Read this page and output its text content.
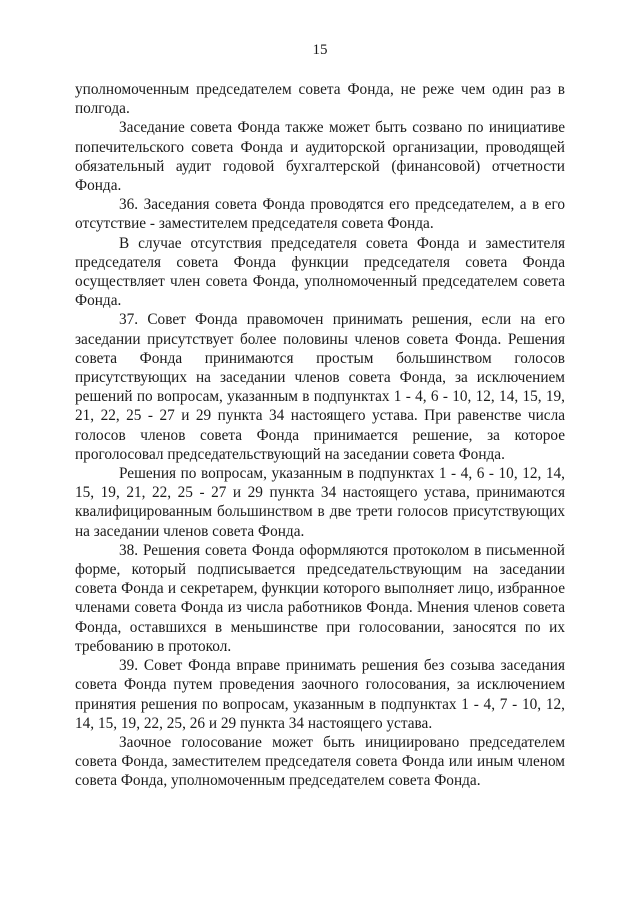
15

уполномоченным председателем совета Фонда, не реже чем один раз в полгода.

Заседание совета Фонда также может быть созвано по инициативе попечительского совета Фонда и аудиторской организации, проводящей обязательный аудит годовой бухгалтерской (финансовой) отчетности Фонда.

36. Заседания совета Фонда проводятся его председателем, а в его отсутствие - заместителем председателя совета Фонда.

В случае отсутствия председателя совета Фонда и заместителя председателя совета Фонда функции председателя совета Фонда осуществляет член совета Фонда, уполномоченный председателем совета Фонда.

37. Совет Фонда правомочен принимать решения, если на его заседании присутствует более половины членов совета Фонда. Решения совета Фонда принимаются простым большинством голосов присутствующих на заседании членов совета Фонда, за исключением решений по вопросам, указанным в подпунктах 1 - 4, 6 - 10, 12, 14, 15, 19, 21, 22, 25 - 27 и 29 пункта 34 настоящего устава. При равенстве числа голосов членов совета Фонда принимается решение, за которое проголосовал председательствующий на заседании совета Фонда.

Решения по вопросам, указанным в подпунктах 1 - 4, 6 - 10, 12, 14, 15, 19, 21, 22, 25 - 27 и 29 пункта 34 настоящего устава, принимаются квалифицированным большинством в две трети голосов присутствующих на заседании членов совета Фонда.

38. Решения совета Фонда оформляются протоколом в письменной форме, который подписывается председательствующим на заседании совета Фонда и секретарем, функции которого выполняет лицо, избранное членами совета Фонда из числа работников Фонда. Мнения членов совета Фонда, оставшихся в меньшинстве при голосовании, заносятся по их требованию в протокол.

39. Совет Фонда вправе принимать решения без созыва заседания совета Фонда путем проведения заочного голосования, за исключением принятия решения по вопросам, указанным в подпунктах 1 - 4, 7 - 10, 12, 14, 15, 19, 22, 25, 26 и 29 пункта 34 настоящего устава.

Заочное голосование может быть инициировано председателем совета Фонда, заместителем председателя совета Фонда или иным членом совета Фонда, уполномоченным председателем совета Фонда.
